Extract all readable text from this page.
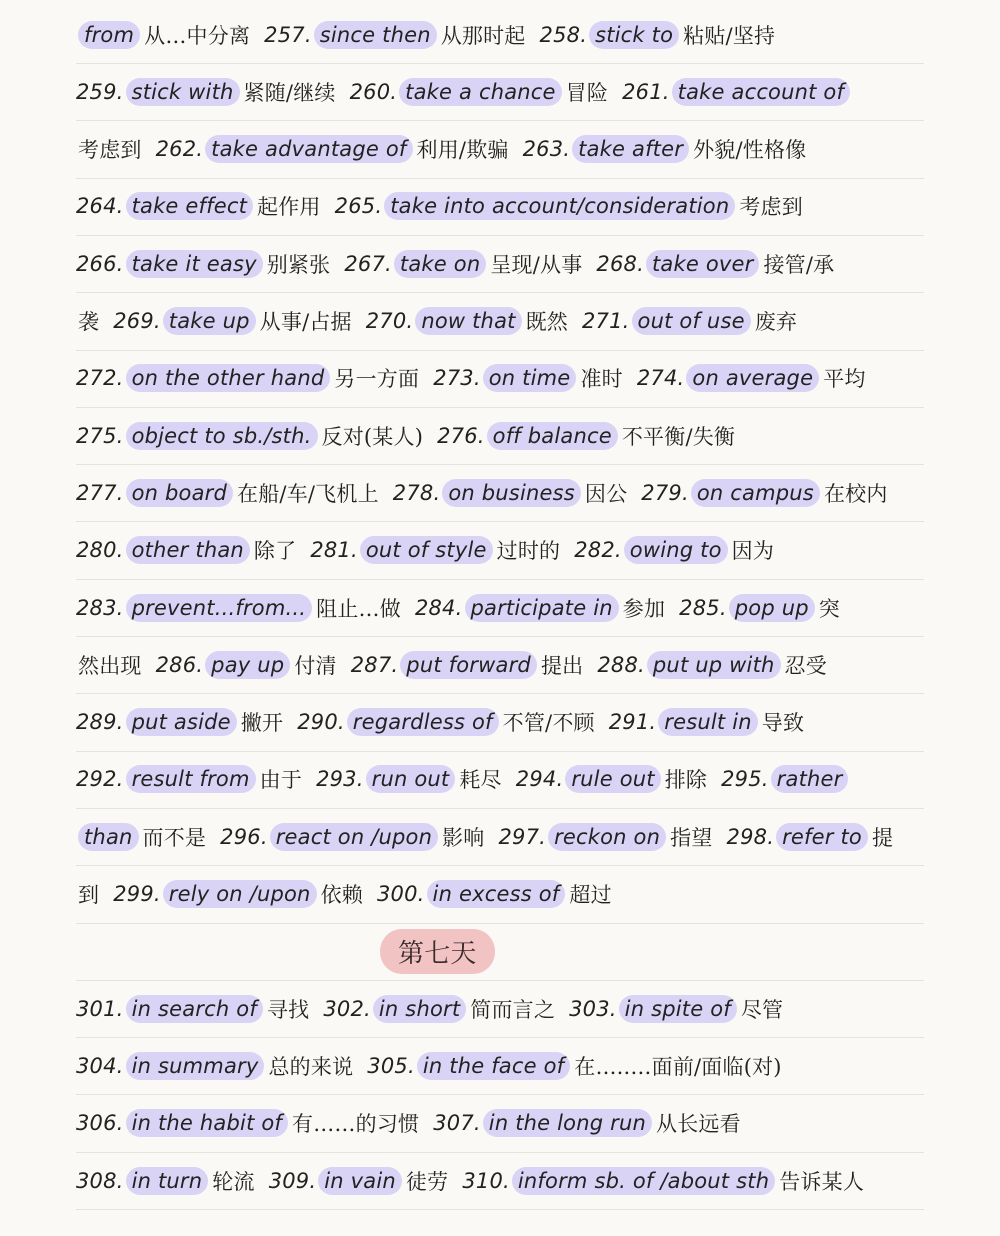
from 从…中分离 257. since then 从那时起 258. stick to 粘贴/坚持
259. stick with 紧随/继续 260. take a chance 冒险 261. take account of
考虑到 262. take advantage of 利用/欺骗 263. take after 外貌/性格像
264. take effect 起作用 265. take into account/consideration 考虑到
266. take it easy 别紧张 267. take on 呈现/从事 268. take over 接管/承
袭 269. take up 从事/占据 270. now that 既然 271. out of use 废弃
272. on the other hand 另一方面 273. on time 准时 274. on average 平均
275. object to sb./sth. 反对(某人) 276. off balance 不平衡/失衡
277. on board 在船/车/飞机上 278. on business 因公 279. on campus 在校内
280. other than 除了 281. out of style 过时的 282. owing to 因为
283. prevent...from... 阻止…做 284. participate in 参加 285. pop up 突
然出现 286. pay up 付清 287. put forward 提出 288. put up with 忍受
289. put aside 撇开 290. regardless of 不管/不顾 291. result in 导致
292. result from 由于 293. run out 耗尽 294. rule out 排除 295. rather
than 而不是 296. react on /upon 影响 297. reckon on 指望 298. refer to 提
到 299. rely on /upon 依赖 300. in excess of 超过
第七天
301. in search of 寻找 302. in short 简而言之 303. in spite of 尽管
304. in summary 总的来说 305. in the face of 在…..…面前/面临(对)
306. in the habit of 有……的习惯 307. in the long run 从长远看
308. in turn 轮流 309. in vain 徒劳 310. inform sb. of /about sth 告诉某人
